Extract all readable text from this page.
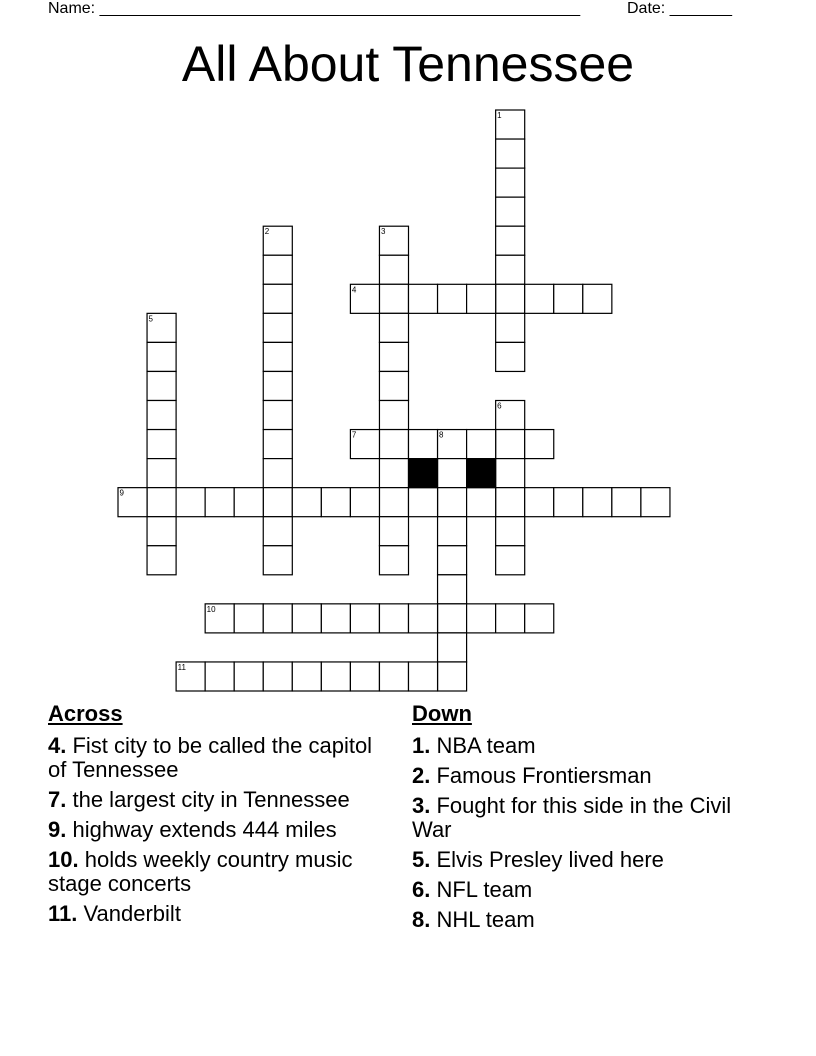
Name: ______________________________________________________	Date: _______
All About Tennessee
1
2	3
4
5
6
7	8
9
10
11
Across
4. Fist city to be called the capitol of Tennessee
7. the largest city in Tennessee
9. highway extends 444 miles
10. holds weekly country music stage concerts
11. Vanderbilt
Down
1. NBA team
2. Famous Frontiersman
3. Fought for this side in the Civil War
5. Elvis Presley lived here
6. NFL team
8. NHL team
